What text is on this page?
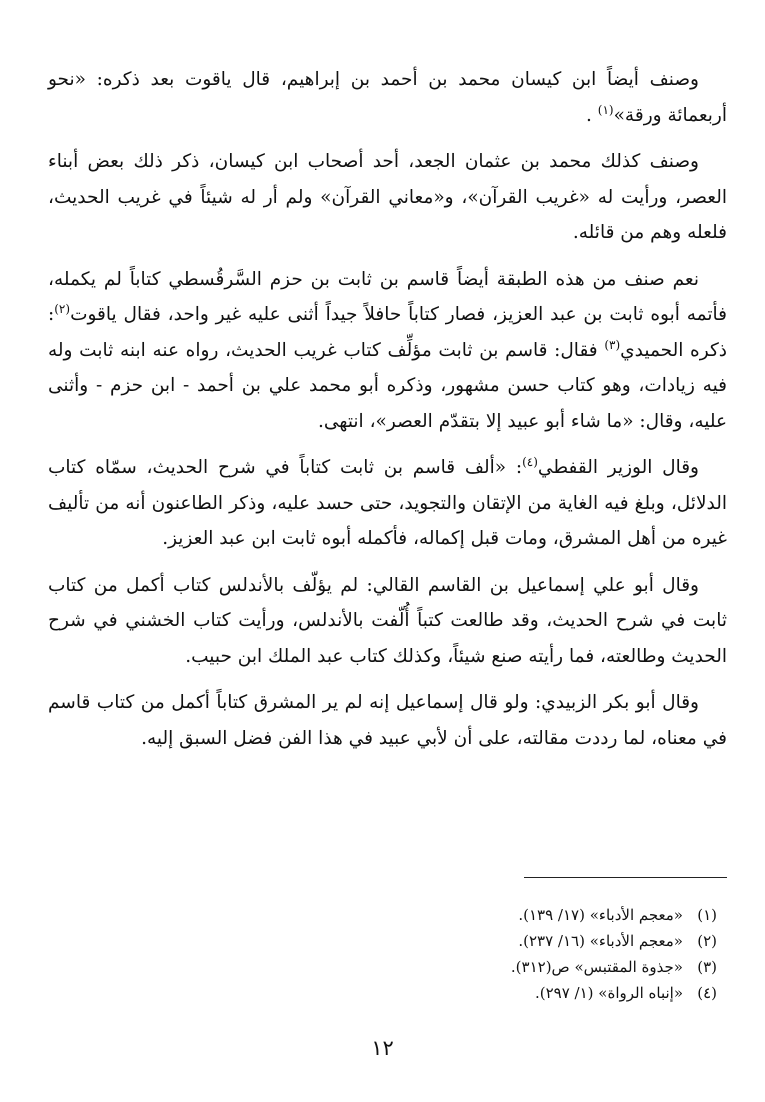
وصنف أيضاً ابن كيسان محمد بن أحمد بن إبراهيم، قال ياقوت بعد ذكره: «نحو أربعمائة ورقة»$^{(١)}$ .

وصنف كذلك محمد بن عثمان الجعد، أحد أصحاب ابن كيسان، ذكر ذلك بعض أبناء العصر، ورأيت له «غريب القرآن»، و«معاني القرآن» ولم أر له شيئاً في غريب الحديث، فلعله وهم من قائله.

نعم صنف من هذه الطبقة أيضاً قاسم بن ثابت بن حزم السَّرقُسطي كتاباً لم يكمله، فأتمه أبوه ثابت بن عبد العزيز، فصار كتاباً حافلاً جيداً أثنى عليه غير واحد، فقال ياقوت$^{(٢)}$: ذكره الحميدي$^{(٣)}$ فقال: قاسم بن ثابت مؤلِّف كتاب غريب الحديث، رواه عنه ابنه ثابت وله فيه زيادات، وهو كتاب حسن مشهور، وذكره أبو محمد علي بن أحمد - ابن حزم - وأثنى عليه، وقال: «ما شاء أبو عبيد إلا بتقدّم العصر»، انتهى.

وقال الوزير القفطي$^{(٤)}$: «ألف قاسم بن ثابت كتاباً في شرح الحديث، سمّاه كتاب الدلائل، وبلغ فيه الغاية من الإتقان والتجويد، حتى حسد عليه، وذكر الطاعنون أنه من تأليف غيره من أهل المشرق، ومات قبل إكماله، فأكمله أبوه ثابت ابن عبد العزيز.

وقال أبو علي إسماعيل بن القاسم القالي: لم يؤلّف بالأندلس كتاب أكمل من كتاب ثابت في شرح الحديث، وقد طالعت كتباً أُلّفت بالأندلس، ورأيت كتاب الخشني في شرح الحديث وطالعته، فما رأيته صنع شيئاً، وكذلك كتاب عبد الملك ابن حبيب.

وقال أبو بكر الزبيدي: ولو قال إسماعيل إنه لم ير المشرق كتاباً أكمل من كتاب قاسم في معناه، لما رددت مقالته، على أن لأبي عبيد في هذا الفن فضل السبق إليه.

(١)«معجم الأدباء» (١٧/ ١٣٩).
(٢)«معجم الأدباء» (١٦/ ٢٣٧).
(٣)«جذوة المقتبس» ص(٣١٢).
(٤)«إنباه الرواة» (١/ ٢٩٧).
١٢
